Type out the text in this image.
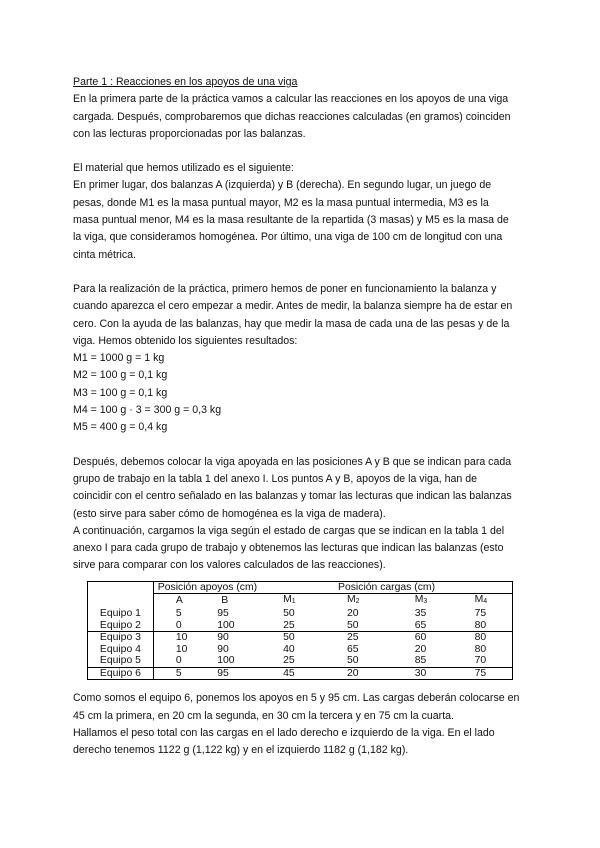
Parte 1 : Reacciones en los apoyos de una viga

En la primera parte de la práctica vamos a calcular las reacciones en los apoyos de una viga
cargada. Después, comprobaremos que dichas reacciones calculadas (en gramos) coinciden
con las lecturas proporcionadas por las balanzas.
El material que hemos utilizado es el siguiente:
En primer lugar, dos balanzas A (izquierda) y B (derecha). En segundo lugar, un juego de
pesas, donde M1 es la masa puntual mayor, M2 es la masa puntual intermedia, M3 es la
masa puntual menor, M4 es la masa resultante de la repartida (3 masas) y M5 es la masa de
la viga, que consideramos homogénea. Por último, una viga de 100 cm de longitud con una
cinta métrica.
Para la realización de la práctica, primero hemos de poner en funcionamiento la balanza y
cuando aparezca el cero empezar a medir. Antes de medir, la balanza siempre ha de estar en
cero. Con la ayuda de las balanzas, hay que medir la masa de cada una de las pesas y de la
viga. Hemos obtenido los siguientes resultados:
M1 = 1000 g = 1 kg
M2 = 100 g = 0,1 kg
M3 = 100 g = 0,1 kg
M4 = 100 g · 3 = 300 g = 0,3 kg
M5 = 400 g = 0,4 kg
Después, debemos colocar la viga apoyada en las posiciones A y B que se indican para cada
grupo de trabajo en la tabla 1 del anexo I. Los puntos A y B, apoyos de la viga, han de
coincidir con el centro señalado en las balanzas y tomar las lecturas que indican las balanzas
(esto sirve para saber cómo de homogénea es la viga de madera).
A continuación, cargamos la viga según el estado de cargas que se indican en la tabla 1 del
anexo I para cada grupo de trabajo y obtenemos las lecturas que indican las balanzas (esto
sirve para comparar con los valores calculados de las reacciones).
	Posición apoyos (cm)		Posición cargas (cm)			
	A	B	$M_1$	$M_2$	$M_3$	$M_4$
Equipo 1	5	95	50	20	35	75
Equipo 2	0	100	25	50	65	80
Equipo 3	10	90	50	25	60	80
Equipo 4	10	90	40	65	20	80
Equipo 5	0	100	25	50	85	70
Equipo 6	5	95	45	20	30	75
Como somos el equipo 6, ponemos los apoyos en 5 y 95 cm. Las cargas deberán colocarse en
45 cm la primera, en 20 cm la segunda, en 30 cm la tercera y en 75 cm la cuarta.
Hallamos el peso total con las cargas en el lado derecho e izquierdo de la viga. En el lado
derecho tenemos 1122 g (1,122 kg) y en el izquierdo 1182 g (1,182 kg).
